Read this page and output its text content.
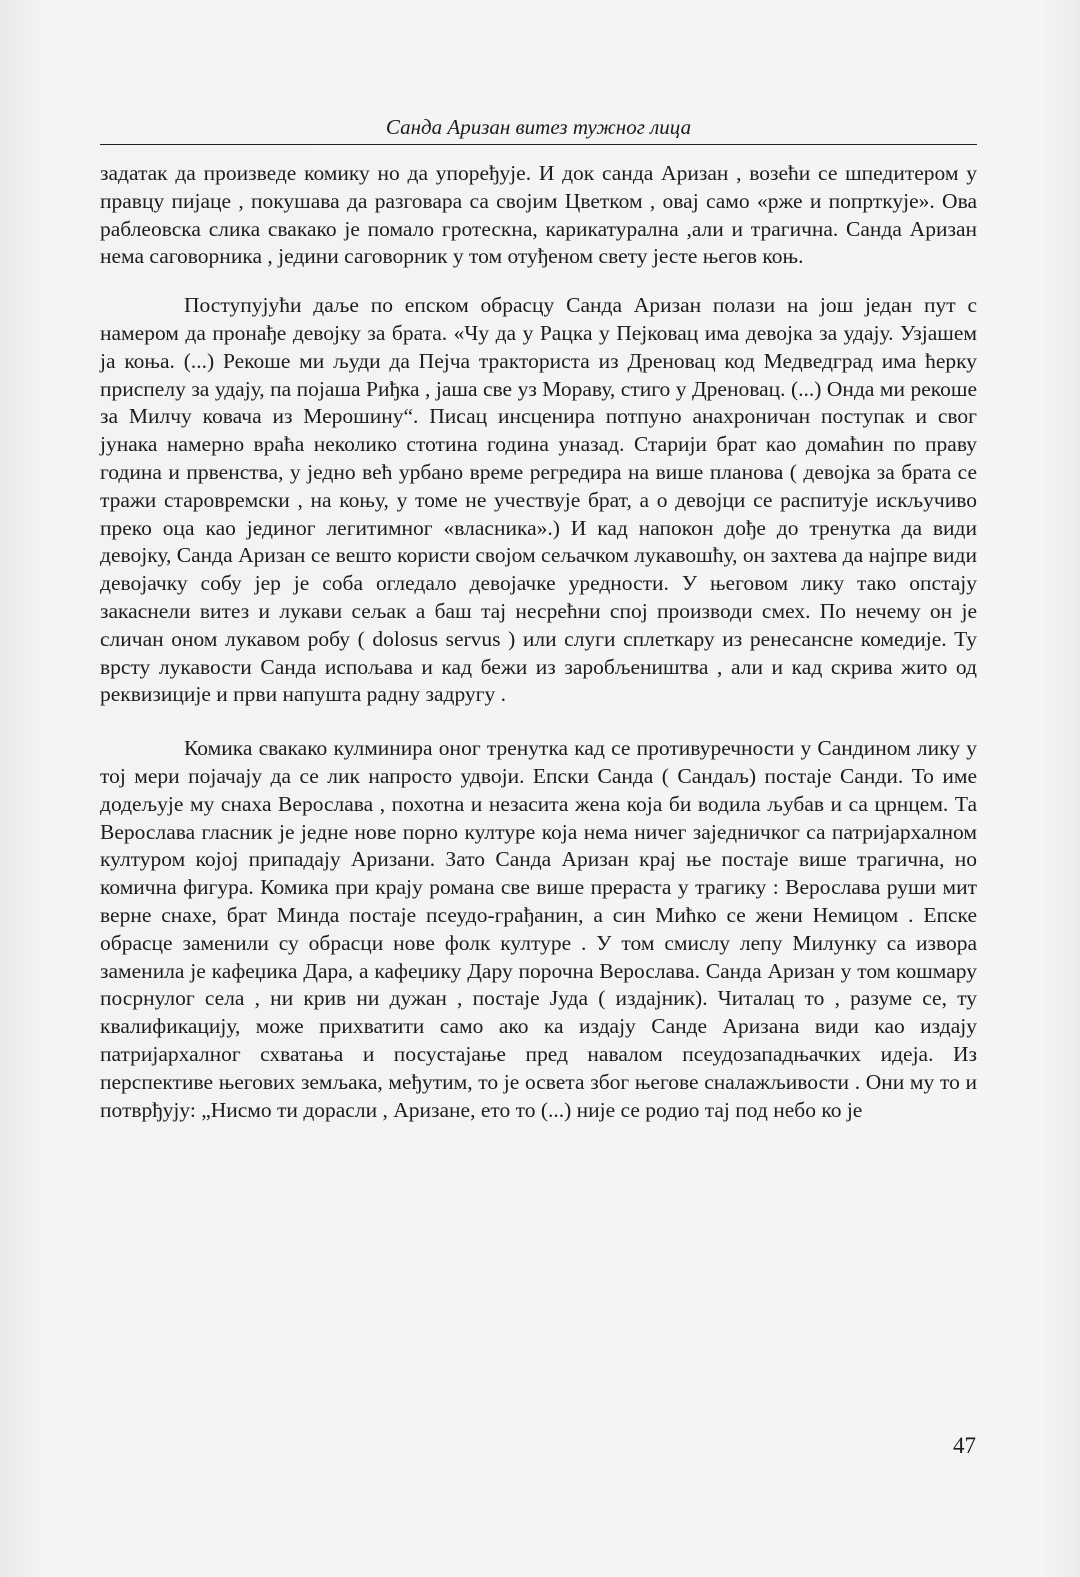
Санда Аризан витез тужног лица

задатак да произведе комику но да упоређује. И док санда Аризан , возећи се шпедитером у правцу пијаце , покушава да разговара са својим Цветком , овај само «рже и попрткује». Ова раблеовска слика свакако је помало гротескна, карикатурална ,али и трагична. Санда Аризан нема саговорника , једини саговорник у том отуђеном свету јесте његов коњ.

Поступујући даље по епском обрасцу Санда Аризан полази на још један пут с намером да пронађе девојку за брата. «Чу да у Рацка у Пејковац има девојка за удају. Узјашем ја коња. (...) Рекоше ми људи да Пејча тракториста из Дреновац код Медведград има ћерку приспелу за удају, па појаша Риђка , јаша све уз Мораву, стиго у Дреновац. (...) Онда ми рекоше за Милчу ковача из Мерошину“. Писац инсценира потпуно анахроничан поступак и свог јунака намерно враћа неколико стотина година уназад. Старији брат као домаћин по праву година и првенства, у једно већ урбано време регредира на више планова ( девојка за брата се тражи старовремски , на коњу, у томе не учествује брат, а о девојци се распитује искључиво преко оца као јединог легитимног «власника».) И кад напокон дође до тренутка да види девојку, Санда Аризан се вешто користи својом сељачком лукавошћу, он захтева да најпре види девојачку собу јер је соба огледало девојачке уредности. У његовом лику тако опстају закаснели витез и лукави сељак а баш тај несрећни спој производи смех. По нечему он је сличан оном лукавом робу ( dolosus servus ) или слуги сплеткару из ренесансне комедије. Ту врсту лукавости Санда испољава и кад бежи из заробљеништва , али и кад скрива жито од реквизиције и први напушта радну задругу .

Комика свакако кулминира оног тренутка кад се противуречности у Сандином лику у тој мери појачају да се лик напросто удвоји. Епски Санда ( Сандаљ) постаје Санди. То име додељује му снаха Верослава , похотна и незасита жена која би водила љубав и са црнцем. Та Верослава гласник је једне нове порно културе која нема ничег заједничког са патријархалном културом којој припадају Аризани. Зато Санда Аризан крај ње постаје више трагична, но комична фигура. Комика при крају романа све више прераста у трагику : Верослава руши мит верне снахе, брат Минда постаје псеудо-грађанин, а син Мићко се жени Немицом . Епске обрасце заменили су обрасци нове фолк културе . У том смислу лепу Милунку са извора заменила је кафеџика Дара, а кафеџику Дару порочна Верослава. Санда Аризан у том кошмару посрнулог села , ни крив ни дужан , постаје Јуда ( издајник). Читалац то , разуме се, ту квалификацију, може прихватити само ако ка издају Санде Аризана види као издају патријархалног схватања и посустајање пред навалом псеудозападњачких идеја. Из перспективе његових земљака, међутим, то је освета због његове сналажљивости . Они му то и потврђују: „Нисмо ти дорасли , Аризане, ето то (...) није се родио тај под небо ко је

47
